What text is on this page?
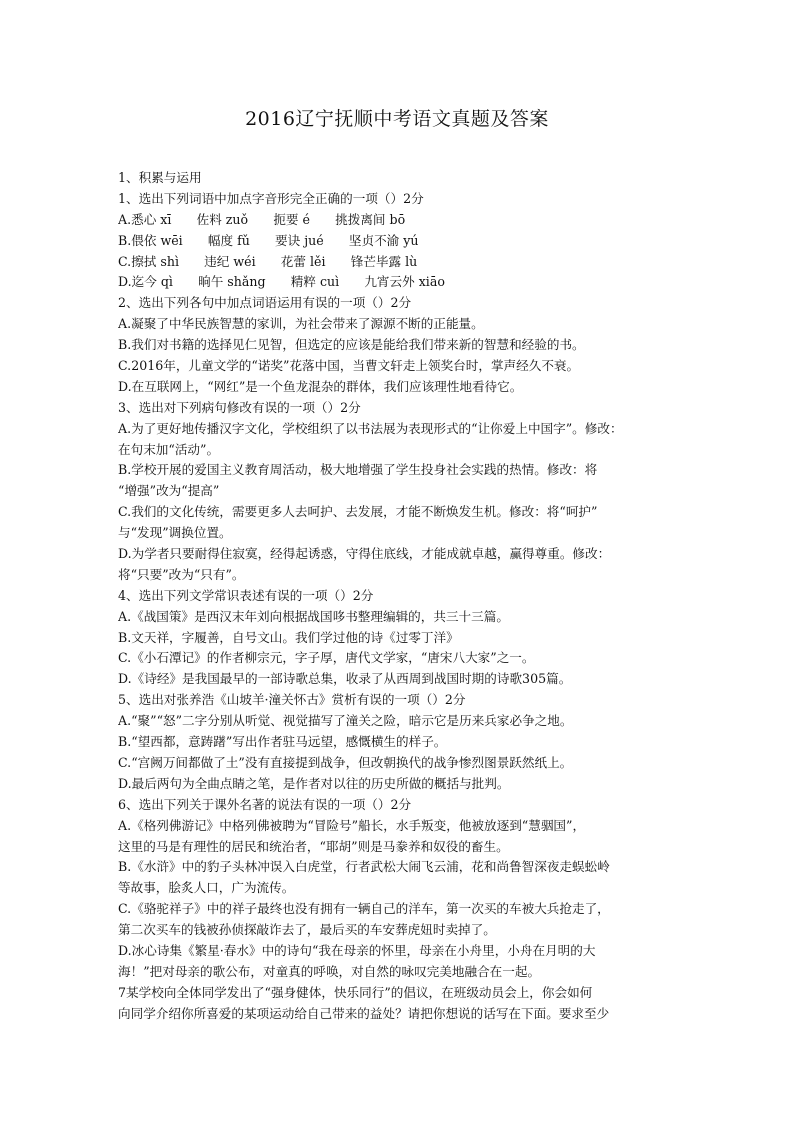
2016辽宁抚顺中考语文真题及答案
1、积累与运用
1、选出下列词语中加点字音形完全正确的一项（）2分
A.悉心 xī　　佐料 zuǒ　　扼要 é　　挑拨离间 bō
B.偎依 wēi　　幅度 fǔ　　要诀 jué　　坚贞不渝 yú
C.擦拭 shì　　违纪 wéi　　花蕾 lěi　　锋芒毕露 lù
D.迄今 qì　　晌午 shǎng　　精粹 cuì　　九宵云外 xiāo
2、选出下列各句中加点词语运用有误的一项（）2分
A.凝聚了中华民族智慧的家训，为社会带来了源源不断的正能量。
B.我们对书籍的选择见仁见智，但选定的应该是能给我们带来新的智慧和经验的书。
C.2016年，儿童文学的“诺奖”花落中国，当曹文轩走上领奖台时，掌声经久不衰。
D.在互联网上，“网红”是一个鱼龙混杂的群体，我们应该理性地看待它。
3、选出对下列病句修改有误的一项（）2分
A.为了更好地传播汉字文化，学校组织了以书法展为表现形式的“让你爱上中国字”。修改：
在句末加“活动”。
B.学校开展的爱国主义教育周活动，极大地增强了学生投身社会实践的热情。修改：将
“增强”改为“提高”
C.我们的文化传统，需要更多人去呵护、去发展，才能不断焕发生机。修改：将“呵护”
与“发现”调换位置。
D.为学者只要耐得住寂寞，经得起诱惑，守得住底线，才能成就卓越，赢得尊重。修改：
将“只要”改为“只有”。
4、选出下列文学常识表述有误的一项（）2分
A.《战国策》是西汉末年刘向根据战国哆书整理编辑的，共三十三篇。
B.文天祥，字履善，自号文山。我们学过他的诗《过零丁洋》
C.《小石潭记》的作者柳宗元，字子厚，唐代文学家，“唐宋八大家”之一。
D.《诗经》是我国最早的一部诗歌总集，收录了从西周到战国时期的诗歌305篇。
5、选出对张养浩《山坡羊·潼关怀古》赏析有误的一项（）2分
A.“聚”“怒”二字分别从听觉、视觉描写了潼关之险，暗示它是历来兵家必争之地。
B.“望西都，意踌躇”写出作者驻马远望，感慨横生的样子。
C.“宫阙万间都做了土”没有直接提到战争，但改朝换代的战争惨烈图景跃然纸上。
D.最后两句为全曲点睛之笔，是作者对以往的历史所做的概括与批判。
6、选出下列关于课外名著的说法有误的一项（）2分
A.《格列佛游记》中格列佛被聘为“冒险号”船长，水手叛变，他被放逐到“慧骃国”，
这里的马是有理性的居民和统治者，“耶胡”则是马豢养和奴役的畜生。
B.《水浒》中的豹子头林冲误入白虎堂，行者武松大闹飞云浦，花和尚鲁智深夜走蜈蚣岭
等故事，脍炙人口，广为流传。
C.《骆驼祥子》中的祥子最终也没有拥有一辆自己的洋车，第一次买的车被大兵抢走了，
第二次买车的钱被孙侦探敲诈去了，最后买的车安葬虎妞时卖掉了。
D.冰心诗集《繁星·春水》中的诗句“我在母亲的怀里，母亲在小舟里，小舟在月明的大
海！”把对母亲的歌公布，对童真的呼唤，对自然的咏叹完美地融合在一起。
7某学校向全体同学发出了“强身健体，快乐同行”的倡议，在班级动员会上，你会如何
向同学介绍你所喜爱的某项运动给自己带来的益处？请把你想说的话写在下面。要求至少
